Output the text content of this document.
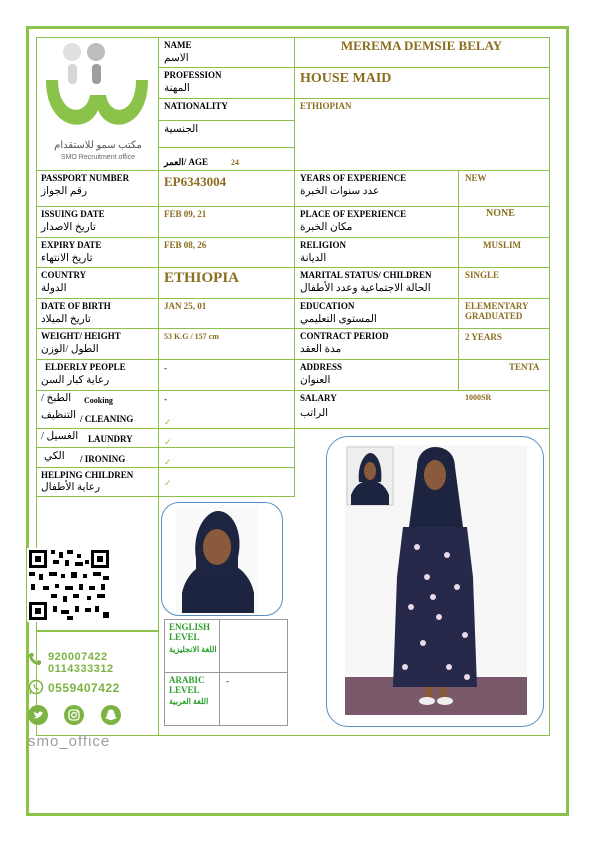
مكتب سمو للاستقدام
SMO Recruitment office
NAME
الاسم
MEREMA DEMSIE BELAY
PROFESSION
المهنة
HOUSE MAID
NATIONALITY
الجنسية
ETHIOPIAN
العمر/ AGE	24
PASSPORT NUMBER
رقم الجواز
EP6343004
ISSUING DATE
تاريخ الاصدار
FEB 09, 21
EXPIRY DATE
تاريخ الانتهاء
FEB 08, 26
COUNTRY
الدولة
ETHIOPIA
DATE OF BIRTH
تاريخ الميلاد
JAN 25, 01
WEIGHT/ HEIGHT
الطول /الوزن
53 K.G / 157 cm
ELDERLY PEOPLE
رعاية كبار السن
-
الطبخ / Cooking	-
التنظيف / CLEANING	✓
الغسيل / LAUNDRY	✓
الكي / IRONING	✓
HELPING CHILDREN
رعاية الأطفال	✓
YEARS OF EXPERIENCE
عدد سنوات الخبرة
NEW
PLACE OF EXPERIENCE
مكان الخبرة
NONE
RELIGION
الديانة
MUSLIM
MARITAL STATUS/ CHILDREN
الحالة الاجتماعية وعدد الأطفال
SINGLE
EDUCATION
المستوى التعليمي
ELEMENTARY GRADUATED
CONTRACT PERIOD
مدة العقد
2 YEARS
ADDRESS
العنوان
TENTA
SALARY
الراتب
1000SR
ENGLISH LEVEL
اللغة الانجليزية
ARABIC LEVEL
اللغة العربية
-
920007422
0114333312
0559407422
smo_office
